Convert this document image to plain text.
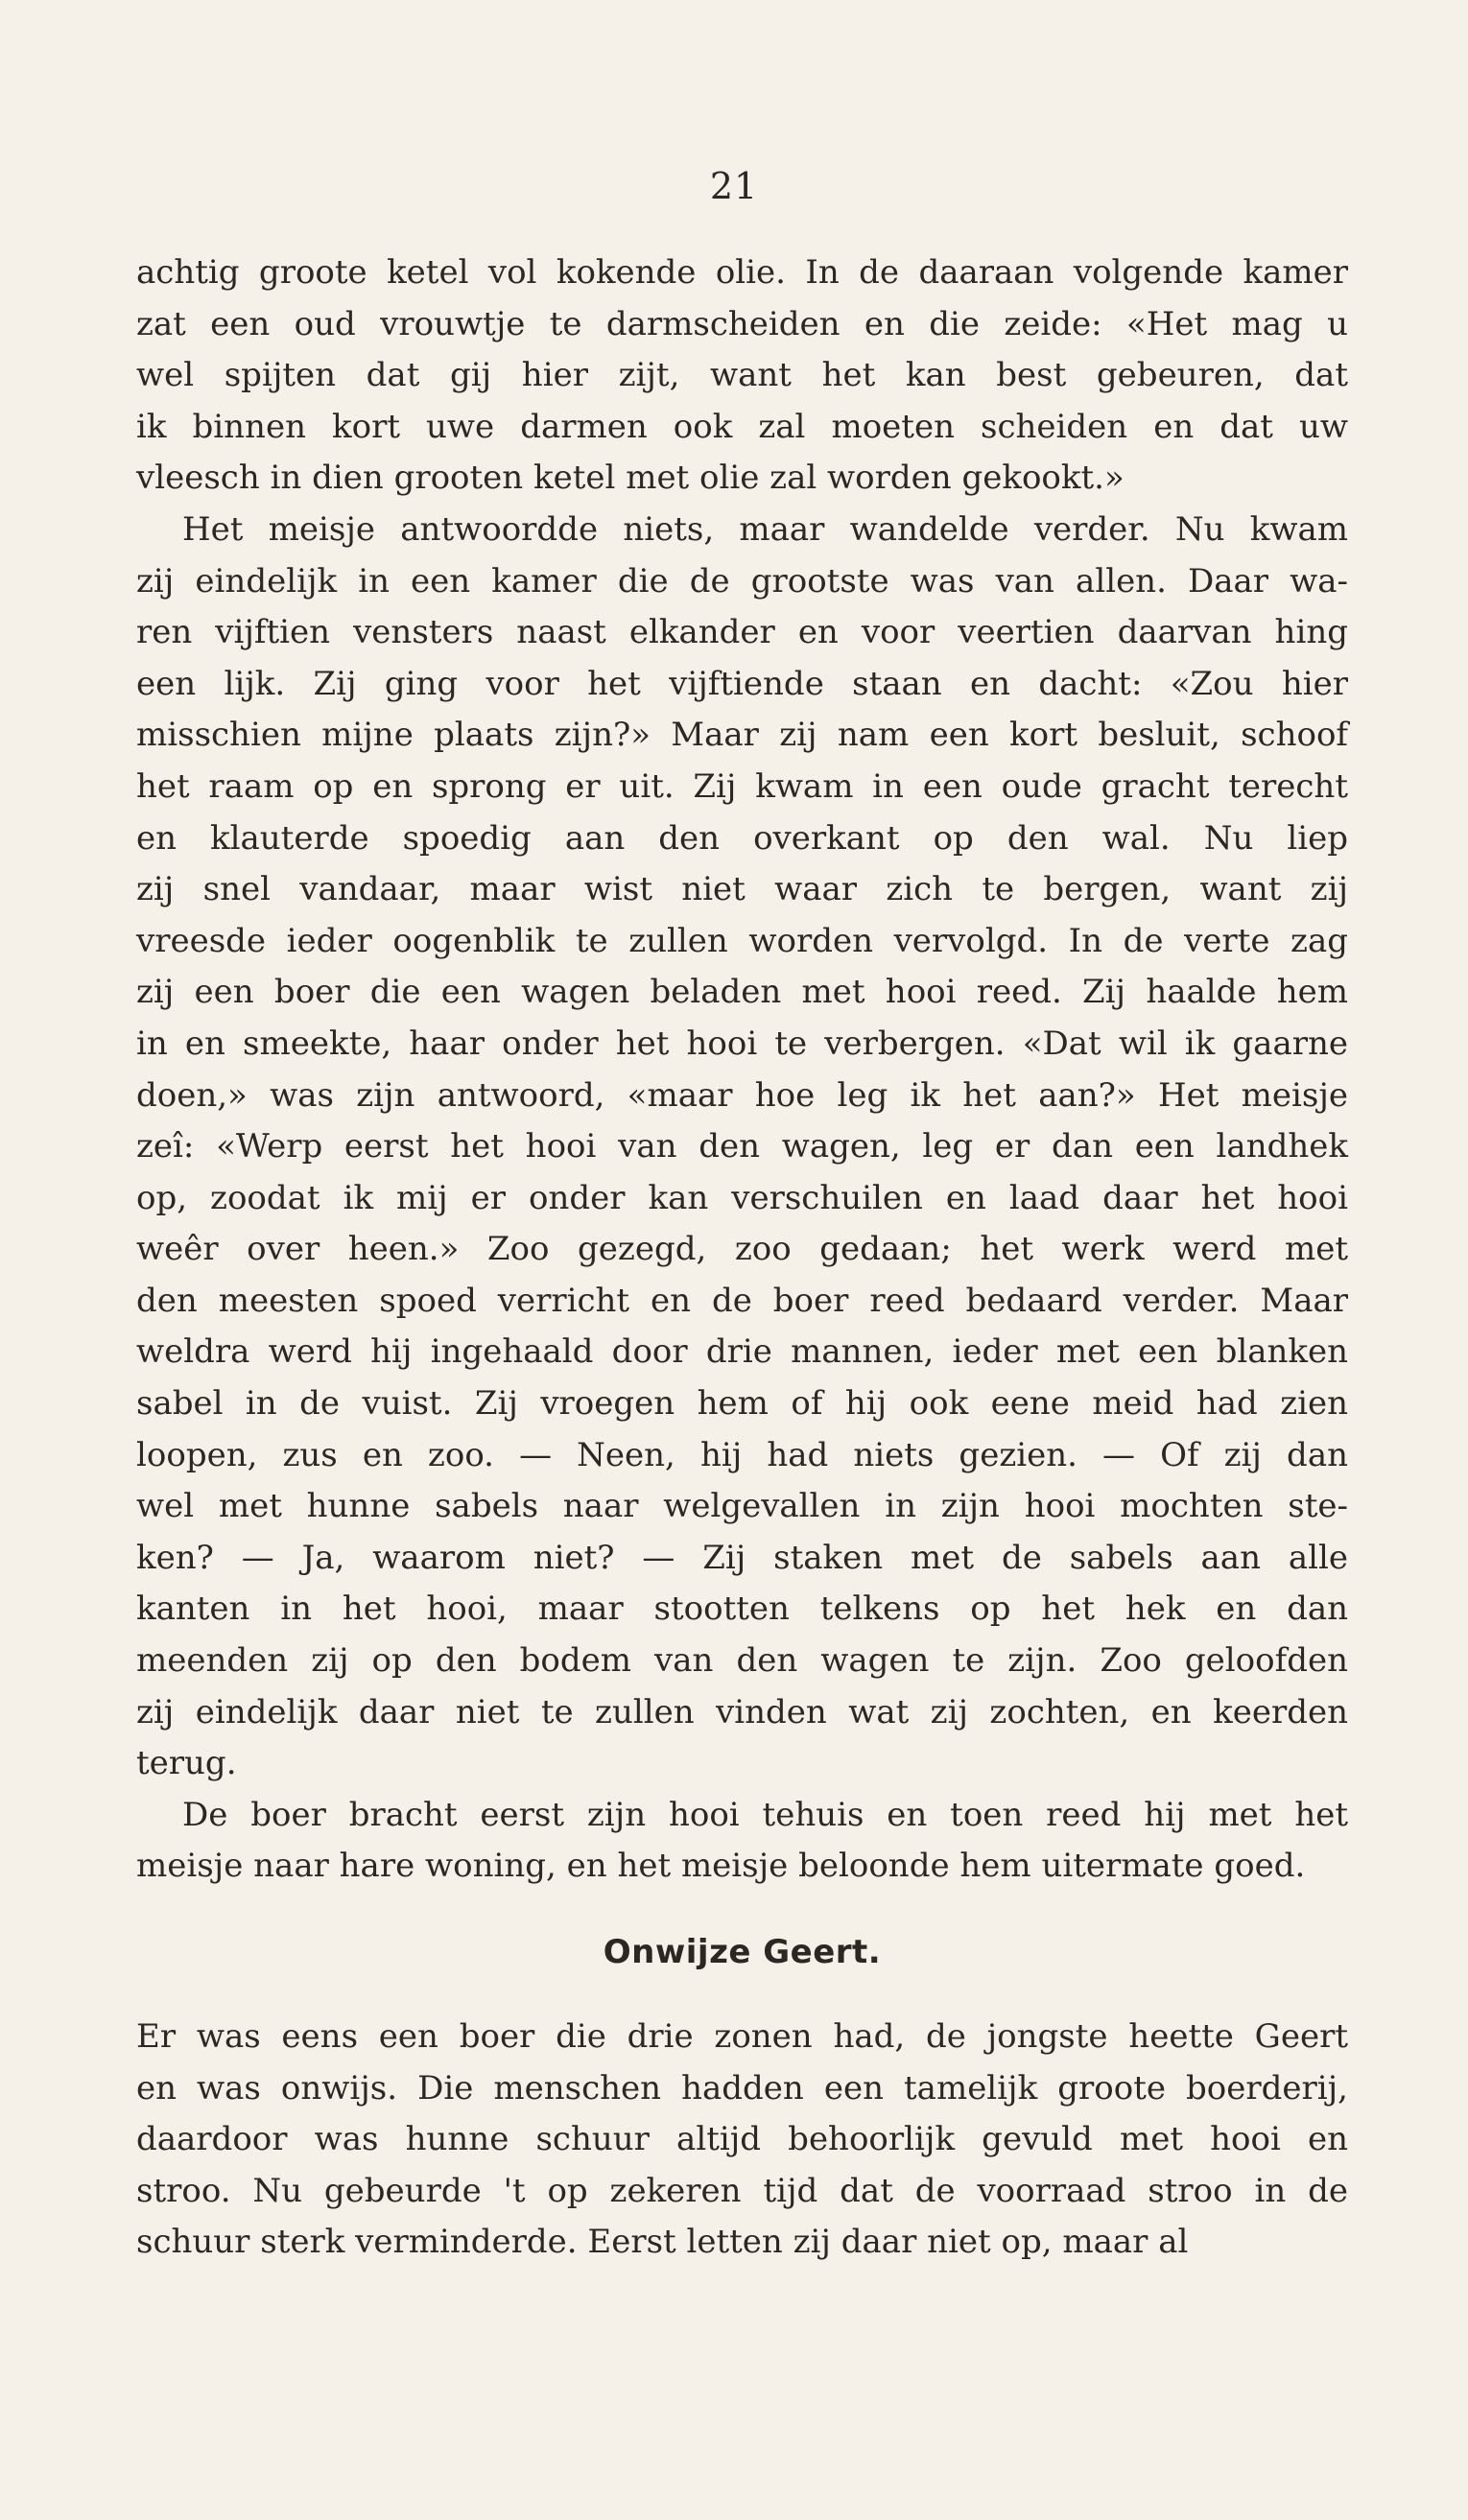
21
achtig groote ketel vol kokende olie. In de daaraan volgende kamer
zat een oud vrouwtje te darmscheiden en die zeide: «Het mag u
wel spijten dat gij hier zijt, want het kan best gebeuren, dat
ik binnen kort uwe darmen ook zal moeten scheiden en dat uw
vleesch in dien grooten ketel met olie zal worden gekookt.»
Het meisje antwoordde niets, maar wandelde verder. Nu kwam
zij eindelijk in een kamer die de grootste was van allen. Daar wa-
ren vijftien vensters naast elkander en voor veertien daarvan hing
een lijk. Zij ging voor het vijftiende staan en dacht: «Zou hier
misschien mijne plaats zijn?» Maar zij nam een kort besluit, schoof
het raam op en sprong er uit. Zij kwam in een oude gracht terecht
en klauterde spoedig aan den overkant op den wal. Nu liep
zij snel vandaar, maar wist niet waar zich te bergen, want zij
vreesde ieder oogenblik te zullen worden vervolgd. In de verte zag
zij een boer die een wagen beladen met hooi reed. Zij haalde hem
in en smeekte, haar onder het hooi te verbergen. «Dat wil ik gaarne
doen,» was zijn antwoord, «maar hoe leg ik het aan?» Het meisje
zeî: «Werp eerst het hooi van den wagen, leg er dan een landhek
op, zoodat ik mij er onder kan verschuilen en laad daar het hooi
weêr over heen.» Zoo gezegd, zoo gedaan; het werk werd met
den meesten spoed verricht en de boer reed bedaard verder. Maar
weldra werd hij ingehaald door drie mannen, ieder met een blanken
sabel in de vuist. Zij vroegen hem of hij ook eene meid had zien
loopen, zus en zoo. — Neen, hij had niets gezien. — Of zij dan
wel met hunne sabels naar welgevallen in zijn hooi mochten ste-
ken? — Ja, waarom niet? — Zij staken met de sabels aan alle
kanten in het hooi, maar stootten telkens op het hek en dan
meenden zij op den bodem van den wagen te zijn. Zoo geloofden
zij eindelijk daar niet te zullen vinden wat zij zochten, en keerden
terug.
De boer bracht eerst zijn hooi tehuis en toen reed hij met het
meisje naar hare woning, en het meisje beloonde hem uitermate goed.
Onwijze Geert.
Er was eens een boer die drie zonen had, de jongste heette Geert
en was onwijs. Die menschen hadden een tamelijk groote boerderij,
daardoor was hunne schuur altijd behoorlijk gevuld met hooi en
stroo. Nu gebeurde 't op zekeren tijd dat de voorraad stroo in de
schuur sterk verminderde. Eerst letten zij daar niet op, maar al
